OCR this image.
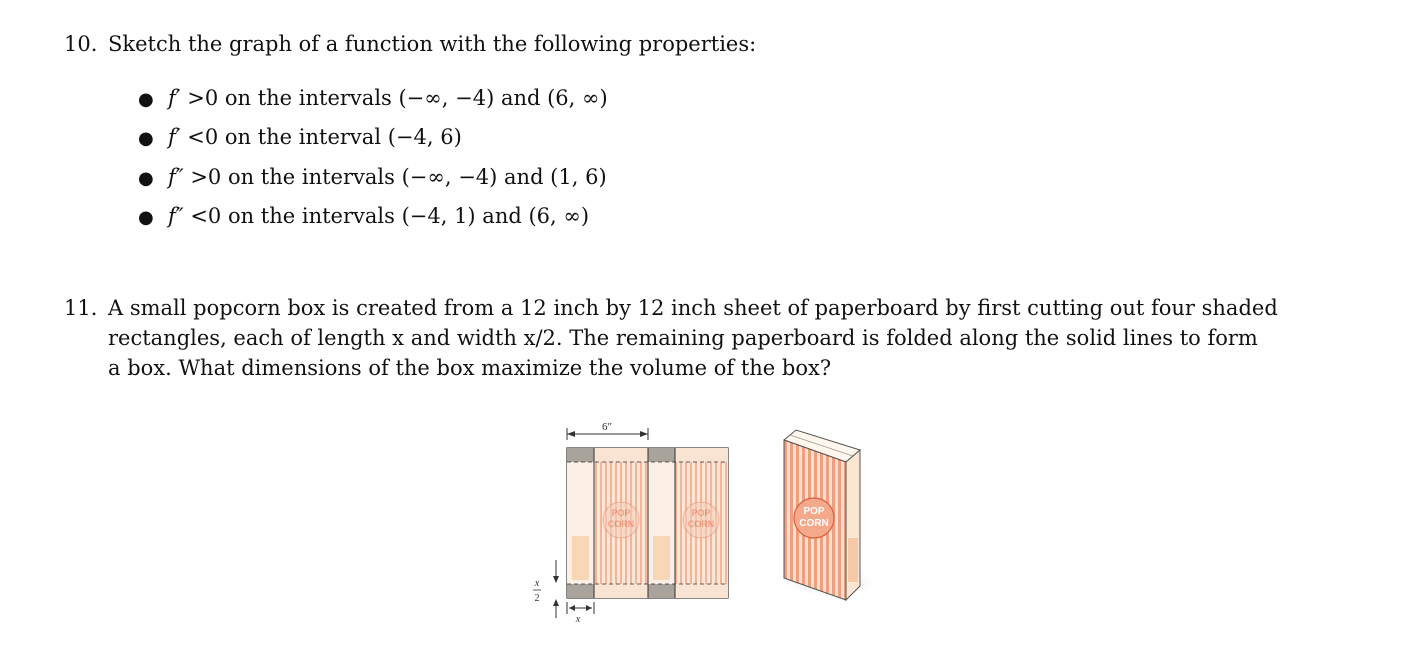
10. Sketch the graph of a function with the following properties:
● f′
> 0 on the intervals (−∞, −4) and (6, ∞)
● f′
< 0 on the interval (−4, 6)
● f″
> 0 on the intervals (−∞, −4) and (1, 6)
● f″
< 0 on the intervals (−4, 1) and (6, ∞)
11. A small popcorn box is created from a 12 inch by 12 inch sheet of paperboard by first cutting out four shaded
rectangles, each of length x and width x/2. The remaining paperboard is folded along the solid lines to form
a box. What dimensions of the box maximize the volume of the box?
6″
POP
CORN
POP
CORN
x
2
x
POP
CORN
